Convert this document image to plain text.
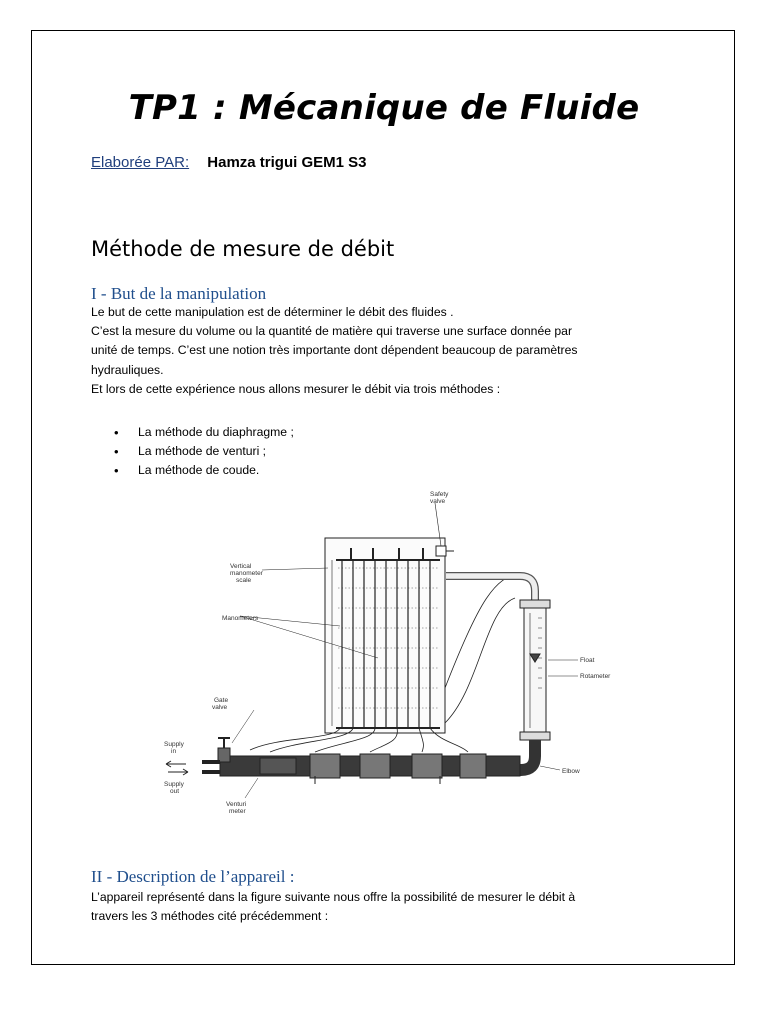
TP1 : Mécanique de Fluide
Elaborée PAR: Hamza trigui GEM1 S3
Méthode de mesure de débit
I - But de la manipulation

Le but de cette manipulation est de déterminer le débit des fluides .

C’est la mesure du volume ou la quantité de matière qui traverse une surface donnée par

unité de temps. C’est une notion très importante dont dépendent beaucoup de paramètres

hydrauliques.

Et lors de cette expérience nous allons mesurer le débit via trois méthodes :

• La méthode du diaphragme ;
• La méthode de venturi ;
• La méthode de coude.
Safety
valve
Vertical
manometer
scale
Manometers
Float
Rotameter
Gate
valve
Supply
in
Supply
out
Elbow
Venturi
meter
II - Description de l’appareil :

L’appareil représenté dans la figure suivante nous offre la possibilité de mesurer le débit à

travers les 3 méthodes cité précédemment :
